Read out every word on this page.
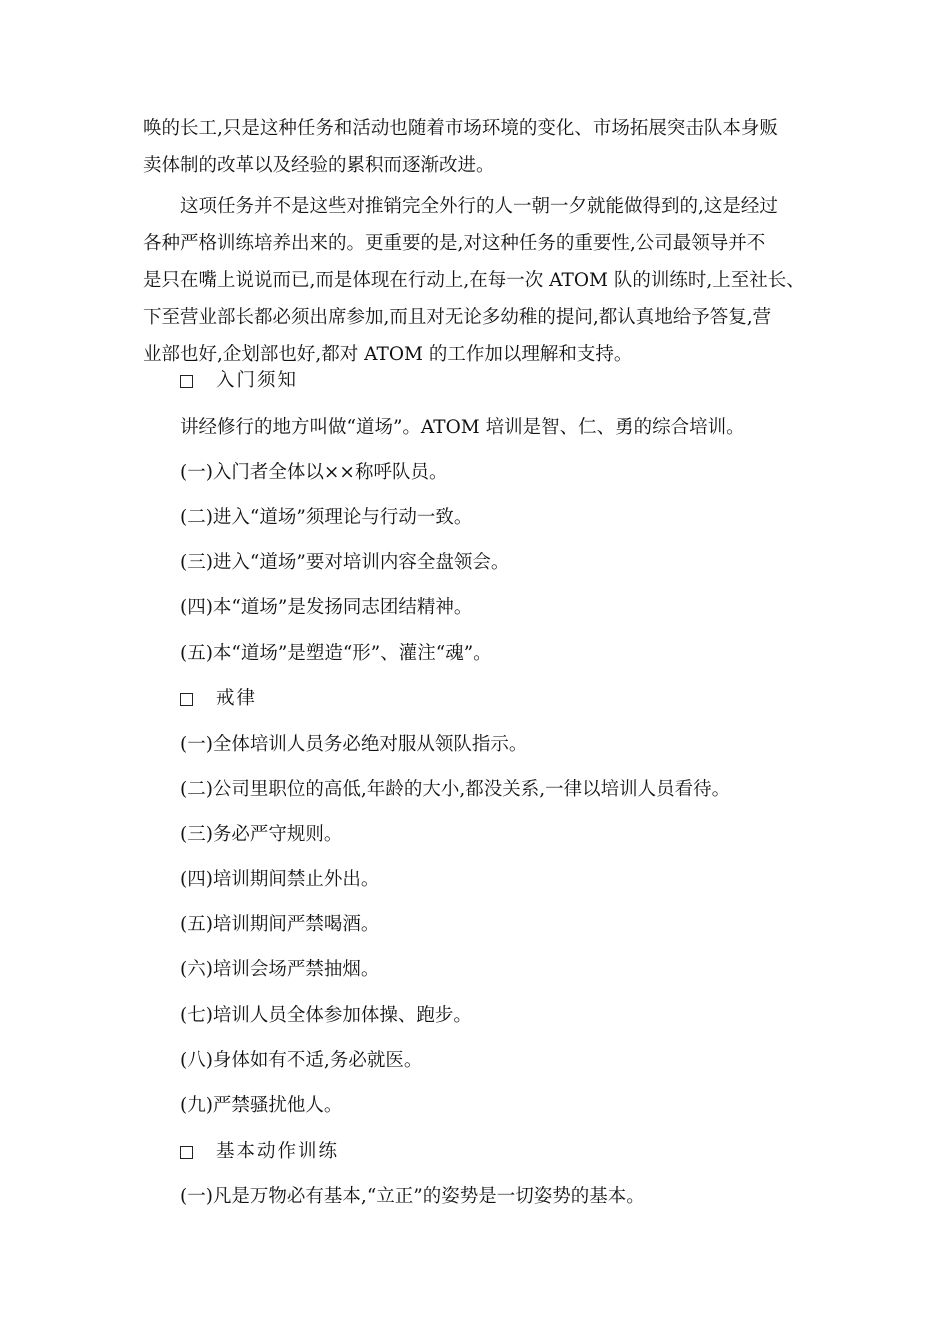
唤的长工,只是这种任务和活动也随着市场环境的变化、市场拓展突击队本身贩
卖体制的改革以及经验的累积而逐渐改进。
　　这项任务并不是这些对推销完全外行的人一朝一夕就能做得到的,这是经过
各种严格训练培养出来的。更重要的是,对这种任务的重要性,公司最领导并不
是只在嘴上说说而已,而是体现在行动上,在每一次 ATOM 队的训练时,上至社长、
下至营业部长都必须出席参加,而且对无论多幼稚的提问,都认真地给予答复,营
业部也好,企划部也好,都对 ATOM 的工作加以理解和支持。
入门须知

讲经修行的地方叫做“道场”。ATOM 培训是智、仁、勇的综合培训。

(一)入门者全体以××称呼队员。

(二)进入“道场”须理论与行动一致。

(三)进入“道场”要对培训内容全盘领会。

(四)本“道场”是发扬同志团结精神。

(五)本“道场”是塑造“形”、灌注“魂”。

戒律

(一)全体培训人员务必绝对服从领队指示。

(二)公司里职位的高低,年龄的大小,都没关系,一律以培训人员看待。

(三)务必严守规则。

(四)培训期间禁止外出。

(五)培训期间严禁喝酒。

(六)培训会场严禁抽烟。

(七)培训人员全体参加体操、跑步。

(八)身体如有不适,务必就医。

(九)严禁骚扰他人。

基本动作训练

(一)凡是万物必有基本,“立正”的姿势是一切姿势的基本。
